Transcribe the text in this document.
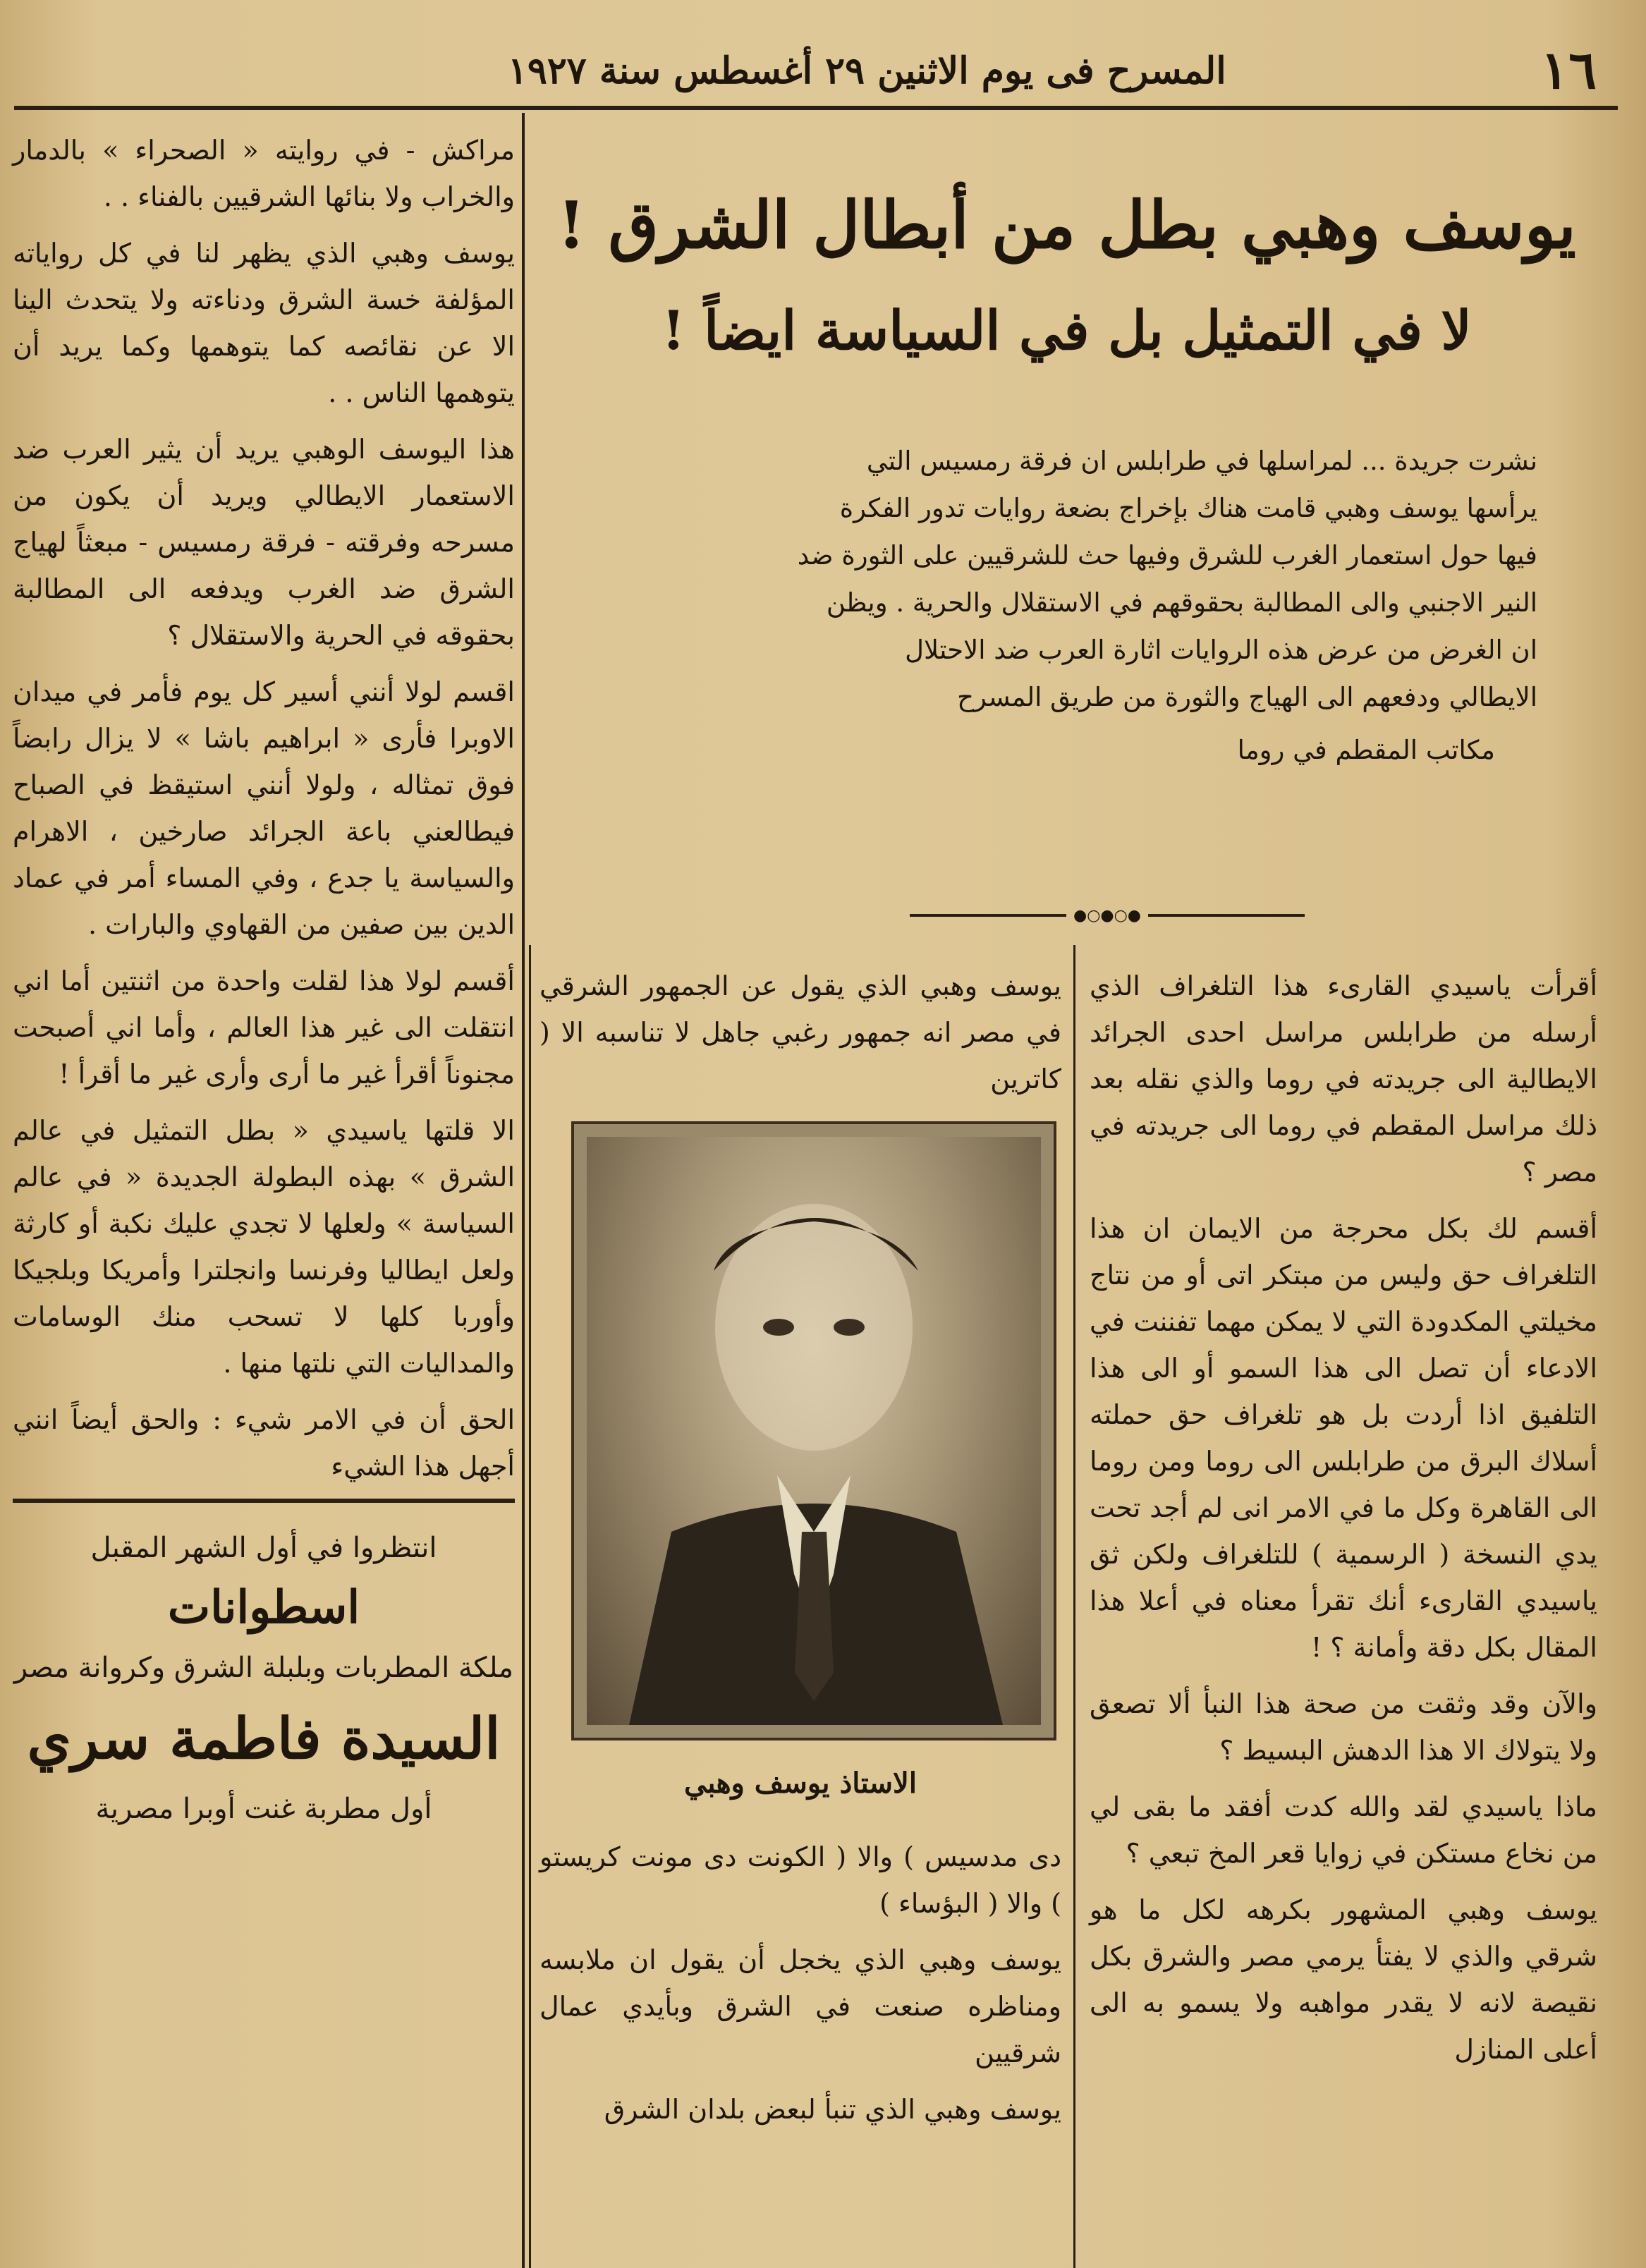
١٦
المسرح فى يوم الاثنين ٢٩ أغسطس سنة ١٩٢٧
يوسف وهبي بطل من أبطال الشرق !
لا في التمثيل بل في السياسة ايضاً !
نشرت جريدة ... لمراسلها في طرابلس ان فرقة رمسيس التي
يرأسها يوسف وهبي قامت هناك بإخراج بضعة روايات تدور الفكرة
فيها حول استعمار الغرب للشرق وفيها حث للشرقيين على الثورة ضد
النير الاجنبي والى المطالبة بحقوقهم في الاستقلال والحرية . ويظن
ان الغرض من عرض هذه الروايات اثارة العرب ضد الاحتلال
الايطالي ودفعهم الى الهياج والثورة من طريق المسرح
مكاتب المقطم في روما
●○●○●

أقرأت ياسيدي القارىء هذا التلغراف الذي أرسله من طرابلس مراسل احدى الجرائد الايطالية الى جريدته في روما والذي نقله بعد ذلك مراسل المقطم في روما الى جريدته في مصر ؟

أقسم لك بكل محرجة من الايمان ان هذا التلغراف حق وليس من مبتكر اتى أو من نتاج مخيلتي المكدودة التي لا يمكن مهما تفننت في الادعاء أن تصل الى هذا السمو أو الى هذا التلفيق اذا أردت بل هو تلغراف حق حملته أسلاك البرق من طرابلس الى روما ومن روما الى القاهرة وكل ما في الامر انى لم أجد تحت يدي النسخة ( الرسمية ) للتلغراف ولكن ثق ياسيدي القارىء أنك تقرأ معناه في أعلا هذا المقال بكل دقة وأمانة ؟ !

والآن وقد وثقت من صحة هذا النبأ ألا تصعق ولا يتولاك الا هذا الدهش البسيط ؟

ماذا ياسيدي لقد والله كدت أفقد ما بقى لي من نخاع مستكن في زوايا قعر المخ تبعي ؟

يوسف وهبي المشهور بكرهه لكل ما هو شرقي والذي لا يفتأ يرمي مصر والشرق بكل نقيصة لانه لا يقدر مواهبه ولا يسمو به الى أعلى المنازل

يوسف وهبي الذي يقول عن الجمهور الشرقي في مصر انه جمهور رغبي جاهل لا تناسبه الا ( كاترين

الاستاذ يوسف وهبي

دى مدسيس ) والا ( الكونت دى مونت كريستو ) والا ( البؤساء )

يوسف وهبي الذي يخجل أن يقول ان ملابسه ومناظره صنعت في الشرق وبأيدي عمال شرقيين

يوسف وهبي الذي تنبأ لبعض بلدان الشرق

مراكش - في روايته « الصحراء » بالدمار والخراب ولا بنائها الشرقيين بالفناء . .

يوسف وهبي الذي يظهر لنا في كل رواياته المؤلفة خسة الشرق ودناءته ولا يتحدث الينا الا عن نقائصه كما يتوهمها وكما يريد أن يتوهمها الناس . .

هذا اليوسف الوهبي يريد أن يثير العرب ضد الاستعمار الايطالي ويريد أن يكون من مسرحه وفرقته - فرقة رمسيس - مبعثاً لهياج الشرق ضد الغرب ويدفعه الى المطالبة بحقوقه في الحرية والاستقلال ؟

اقسم لولا أنني أسير كل يوم فأمر في ميدان الاوبرا فأرى « ابراهيم باشا » لا يزال رابضاً فوق تمثاله ، ولولا أنني استيقظ في الصباح فيطالعني باعة الجرائد صارخين ، الاهرام والسياسة يا جدع ، وفي المساء أمر في عماد الدين بين صفين من القهاوي والبارات .

أقسم لولا هذا لقلت واحدة من اثنتين أما اني انتقلت الى غير هذا العالم ، وأما اني أصبحت مجنوناً أقرأ غير ما أرى وأرى غير ما أقرأ !

الا قلتها ياسيدي « بطل التمثيل في عالم الشرق » بهذه البطولة الجديدة « في عالم السياسة » ولعلها لا تجدي عليك نكبة أو كارثة ولعل ايطاليا وفرنسا وانجلترا وأمريكا وبلجيكا وأوربا كلها لا تسحب منك الوسامات والمداليات التي نلتها منها .

الحق أن في الامر شيء : والحق أيضاً انني أجهل هذا الشيء

انتظروا في أول الشهر المقبل
اسطوانات
ملكة المطربات وبلبلة الشرق وكروانة مصر
السيدة فاطمة سري
أول مطربة غنت أوبرا مصرية
